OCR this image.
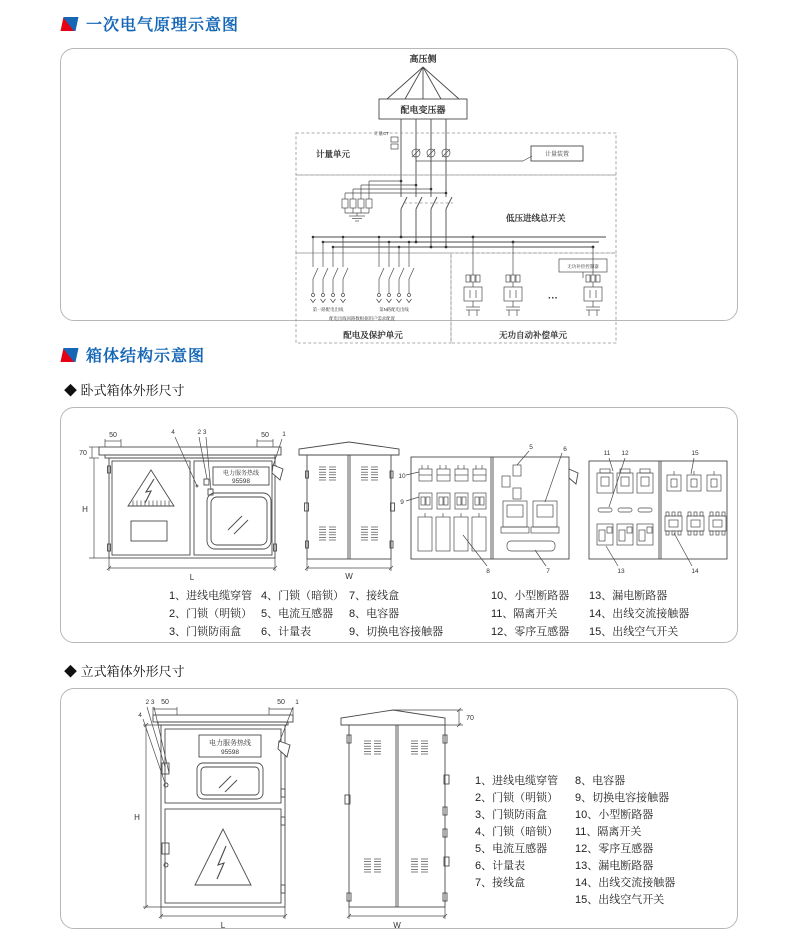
一次电气原理示意图
高压侧
配电变压器
计量单元
计量CT
计量装置
低压进线总开关
配电及保护单元
第一路配电出线	第N路配电出线
配电出线回路数根据用户需求配置
无功自动补偿单元
无功补偿控制器
···
箱体结构示意图
◆ 卧式箱体外形尺寸
50	50
70
H
L
4	2 3	1
电力服务热线
95598
W
10
9
8
5	6
7
11 12	15
13	14
1、进线电缆穿管 4、门锁（暗锁） 7、接线盒	10、小型断路器	13、漏电断路器
2、门锁（明锁） 5、电流互感器	8、电容器	11、隔离开关	14、出线交流接触器
3、门锁防雨盒	6、计量表	9、切换电容接触器	12、零序互感器	15、出线空气开关
◆ 立式箱体外形尺寸
2 3
4
1
50	50
H
L
电力服务热线
95598
70
W
1、进线电缆穿管
2、门锁（明锁）
3、门锁防雨盒
4、门锁（暗锁）
5、电流互感器
6、计量表
7、接线盒
8、电容器
9、切换电容接触器
10、小型断路器
11、隔离开关
12、零序互感器
13、漏电断路器
14、出线交流接触器
15、出线空气开关
